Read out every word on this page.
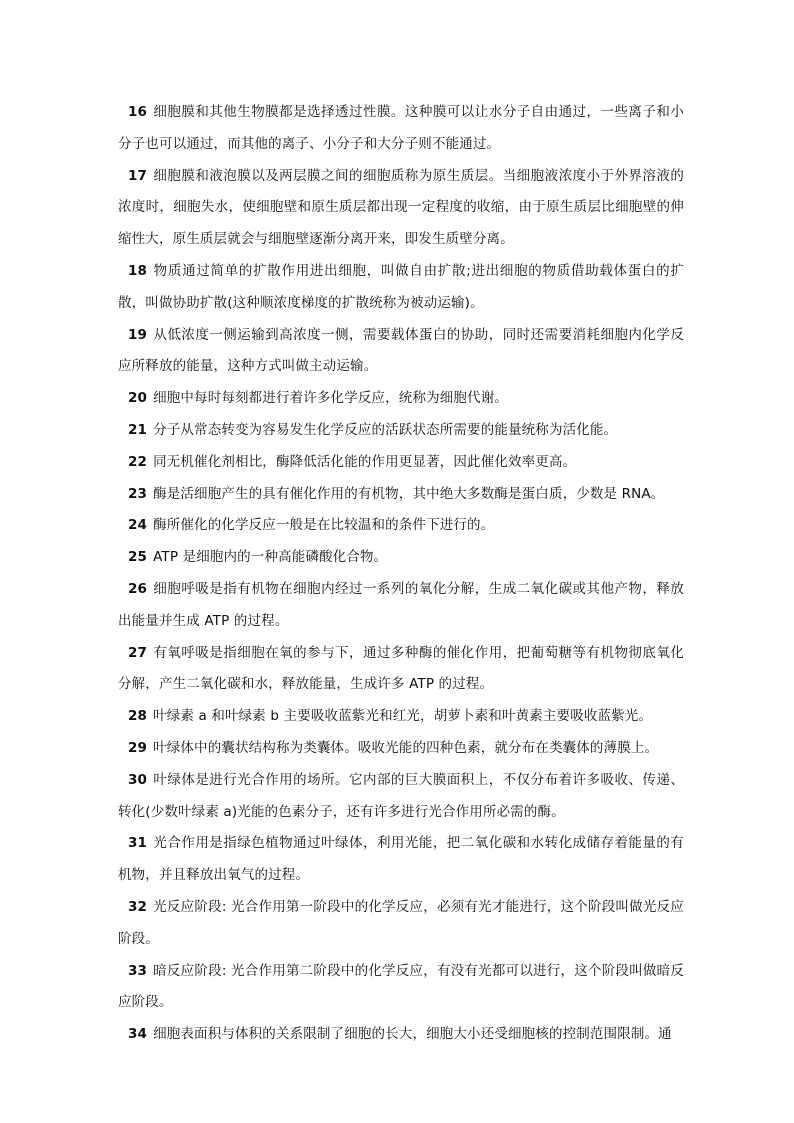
16 细胞膜和其他生物膜都是选择透过性膜。这种膜可以让水分子自由通过，一些离子和小分子也可以通过，而其他的离子、小分子和大分子则不能通过。

17 细胞膜和液泡膜以及两层膜之间的细胞质称为原生质层。当细胞液浓度小于外界溶液的浓度时，细胞失水，使细胞壁和原生质层都出现一定程度的收缩，由于原生质层比细胞壁的伸缩性大，原生质层就会与细胞壁逐渐分离开来，即发生质壁分离。

18 物质通过简单的扩散作用进出细胞，叫做自由扩散;进出细胞的物质借助载体蛋白的扩散，叫做协助扩散(这种顺浓度梯度的扩散统称为被动运输)。

19 从低浓度一侧运输到高浓度一侧，需要载体蛋白的协助，同时还需要消耗细胞内化学反应所释放的能量，这种方式叫做主动运输。

20 细胞中每时每刻都进行着许多化学反应，统称为细胞代谢。

21 分子从常态转变为容易发生化学反应的活跃状态所需要的能量统称为活化能。

22 同无机催化剂相比，酶降低活化能的作用更显著，因此催化效率更高。

23 酶是活细胞产生的具有催化作用的有机物，其中绝大多数酶是蛋白质，少数是 RNA。

24 酶所催化的化学反应一般是在比较温和的条件下进行的。

25 ATP 是细胞内的一种高能磷酸化合物。

26 细胞呼吸是指有机物在细胞内经过一系列的氧化分解，生成二氧化碳或其他产物，释放出能量并生成 ATP 的过程。

27 有氧呼吸是指细胞在氧的参与下，通过多种酶的催化作用，把葡萄糖等有机物彻底氧化分解，产生二氧化碳和水，释放能量，生成许多 ATP 的过程。

28 叶绿素 a 和叶绿素 b 主要吸收蓝紫光和红光，胡萝卜素和叶黄素主要吸收蓝紫光。

29 叶绿体中的囊状结构称为类囊体。吸收光能的四种色素，就分布在类囊体的薄膜上。

30 叶绿体是进行光合作用的场所。它内部的巨大膜面积上，不仅分布着许多吸收、传递、转化(少数叶绿素 a)光能的色素分子，还有许多进行光合作用所必需的酶。

31 光合作用是指绿色植物通过叶绿体，利用光能，把二氧化碳和水转化成储存着能量的有机物，并且释放出氧气的过程。

32 光反应阶段: 光合作用第一阶段中的化学反应，必须有光才能进行，这个阶段叫做光反应阶段。

33 暗反应阶段: 光合作用第二阶段中的化学反应，有没有光都可以进行，这个阶段叫做暗反应阶段。

34 细胞表面积与体积的关系限制了细胞的长大，细胞大小还受细胞核的控制范围限制。通
